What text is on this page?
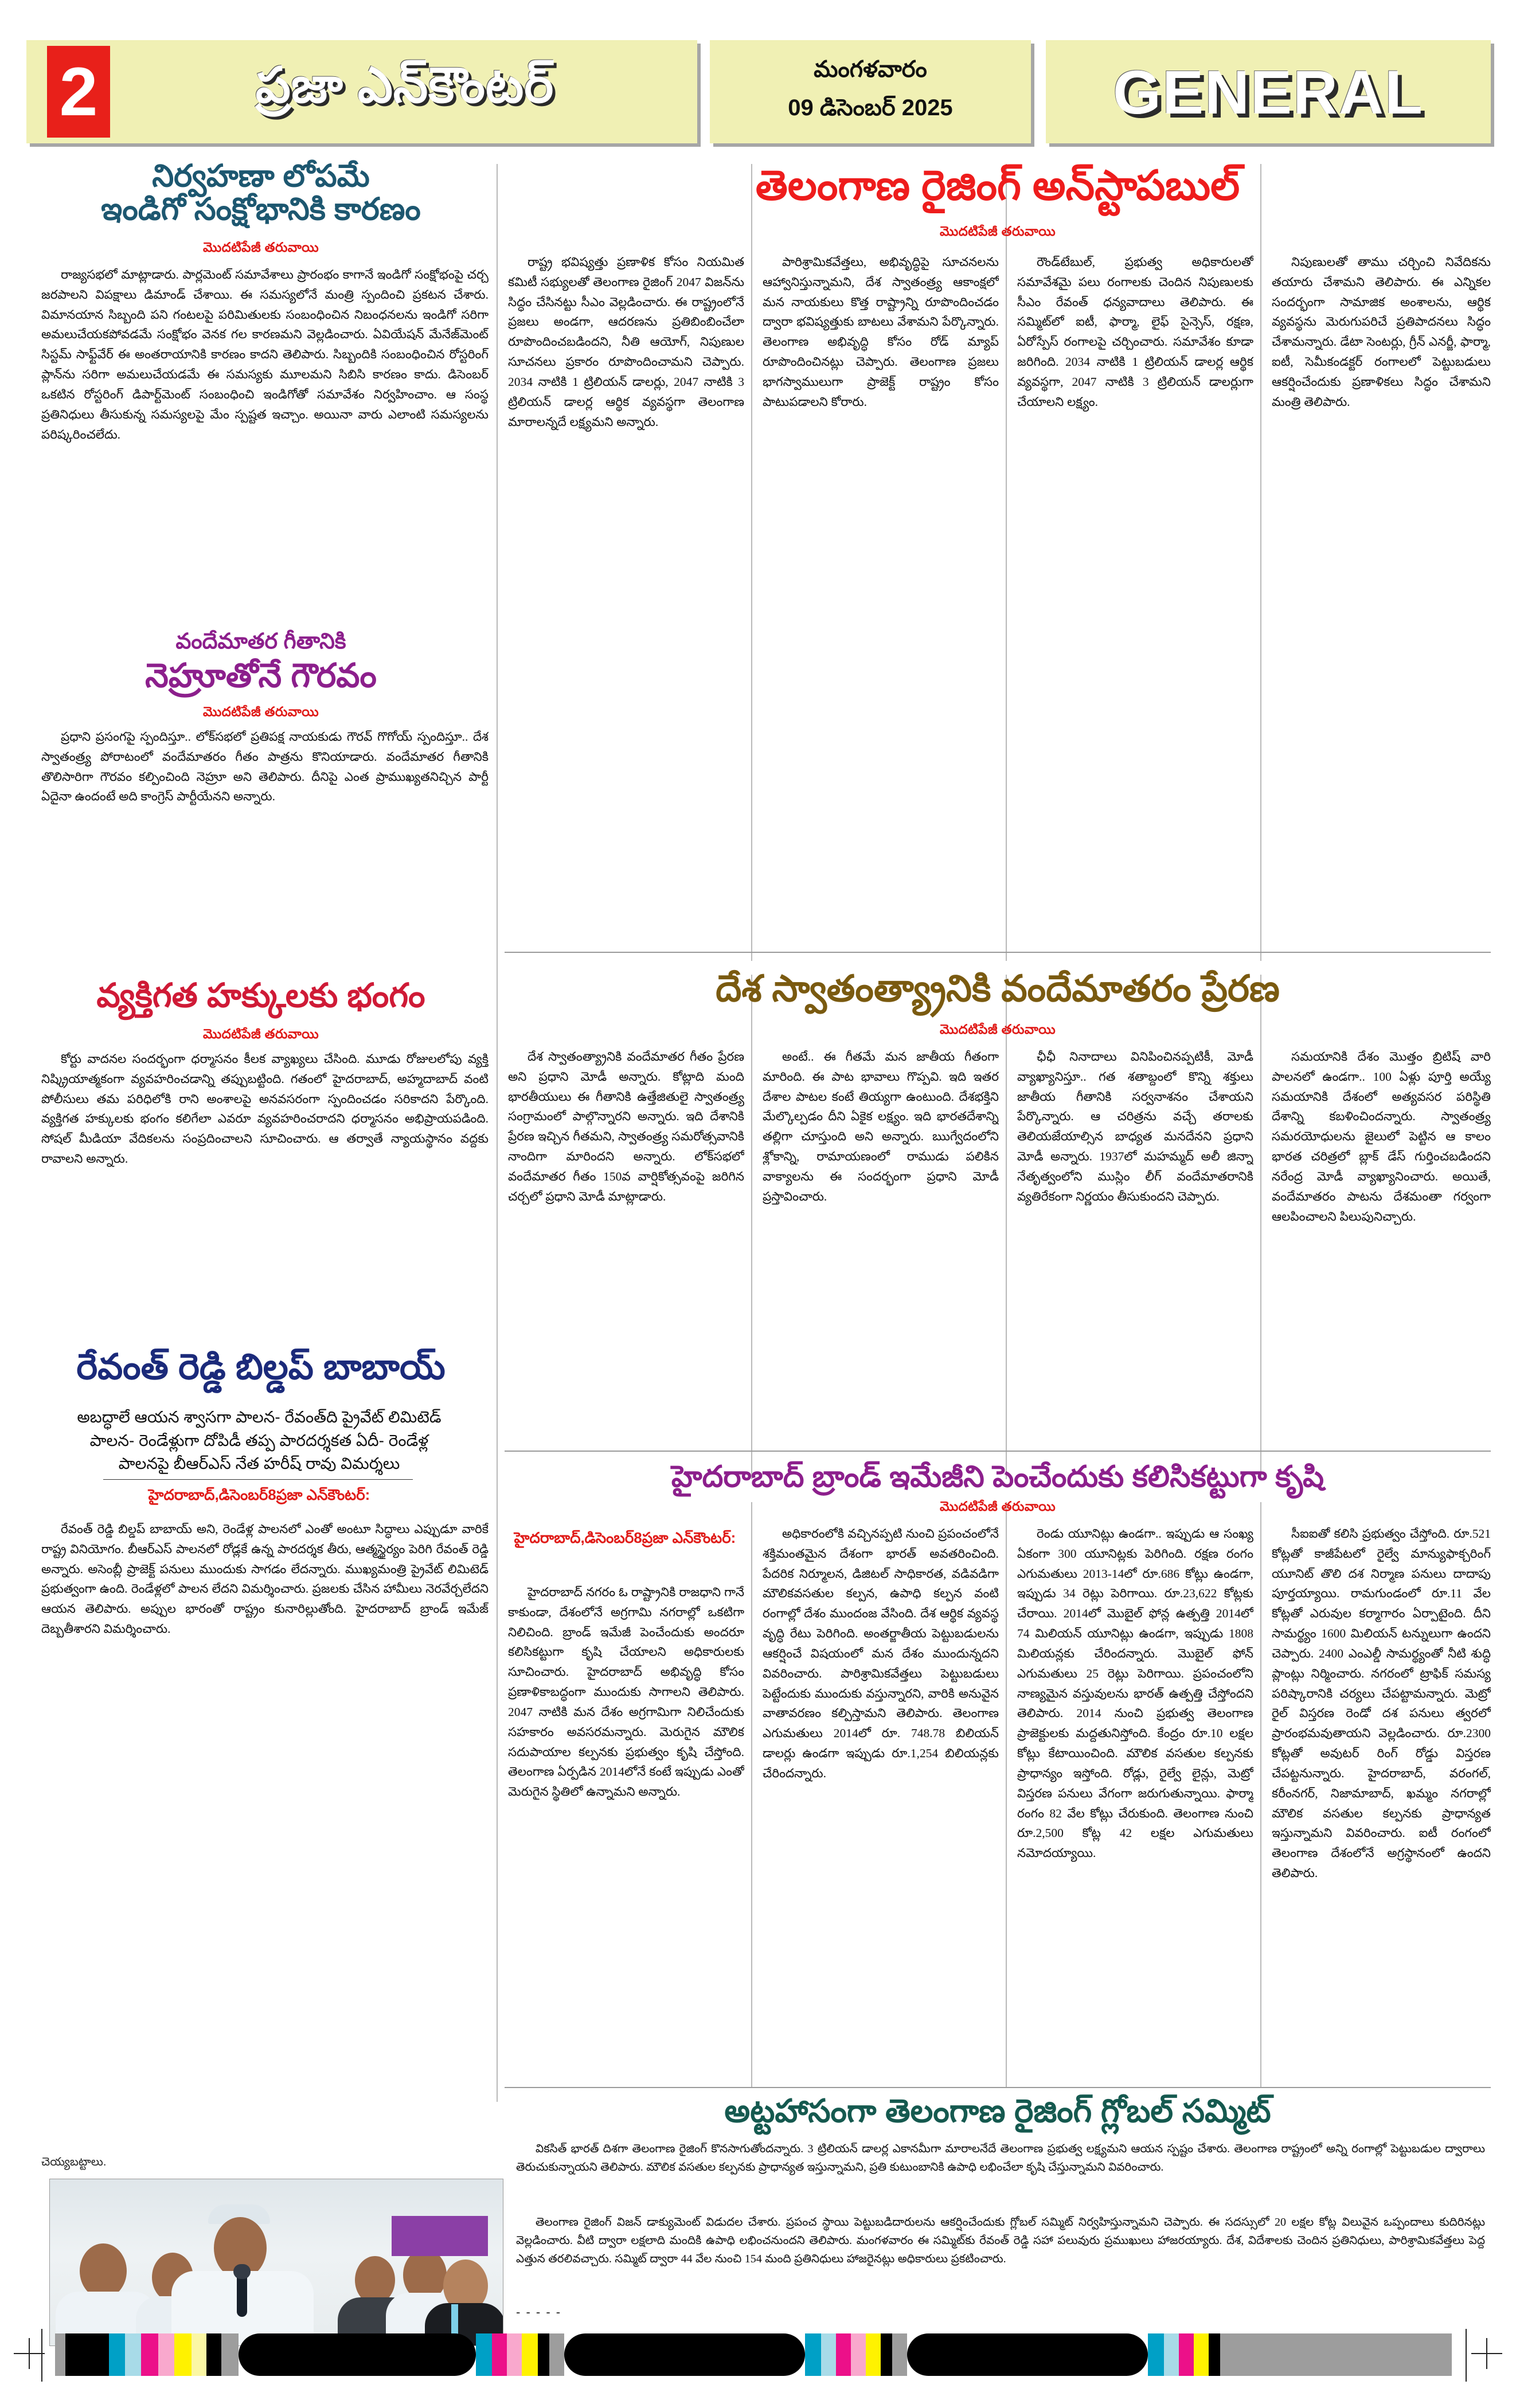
2	ప్రజా ఎన్‌కౌంటర్	మంగళవారం
09 డిసెంబర్ 2025	GENERAL
నిర్వహణా లోపమే
ఇండిగో సంక్షోభానికి కారణం
మొదటిపేజీ తరువాయి

రాజ్యసభలో మాట్లాడారు. పార్లమెంట్ సమావేశాలు ప్రారంభం కాగానే ఇండిగో సంక్షోభంపై చర్చ జరపాలని విపక్షాలు డిమాండ్ చేశాయి. ఈ సమస్యలోనే మంత్రి స్పందించి ప్రకటన చేశారు. విమానయాన సిబ్బంది పని గంటలపై పరిమితులకు సంబంధించిన నిబంధనలను ఇండిగో సరిగా అమలుచేయకపోవడమే సంక్షోభం వెనక గల కారణమని వెల్లడించారు. ఏవియేషన్ మేనేజ్‌మెంట్ సిస్టమ్ సాఫ్ట్‌వేర్ ఈ అంతరాయానికి కారణం కాదని తెలిపారు. సిబ్బందికి సంబంధించిన రోస్టరింగ్ ప్లాన్‌ను సరిగా అమలుచేయడమే ఈ సమస్యకు మూలమని సిబిసి కారణం కాదు. డిసెంబర్ ఒకటిన రోస్టరింగ్ డిపార్ట్‌మెంట్ సంబంధించి ఇండిగోతో సమావేశం నిర్వహించాం. ఆ సంస్థ ప్రతినిధులు తీసుకున్న సమస్యలపై మేం స్పష్టత ఇచ్చాం. అయినా వారు ఎలాంటి సమస్యలను పరిష్కరించలేదు.

వందేమాతర గీతానికి
నెహ్రూతోనే గౌరవం
మొదటిపేజీ తరువాయి

ప్రధాని ప్రసంగపై స్పందిస్తూ.. లోక్‌సభలో ప్రతిపక్ష నాయకుడు గౌరవ్ గొగోయ్ స్పందిస్తూ.. దేశ స్వాతంత్ర్య పోరాటంలో వందేమాతరం గీతం పాత్రను కొనియాడారు. వందేమాతర గీతానికి తొలిసారిగా గౌరవం కల్పించింది నెహ్రూ అని తెలిపారు. దీనిపై ఎంత ప్రాముఖ్యతనిచ్చిన పార్టీ ఏదైనా ఉందంటే అది కాంగ్రెస్ పార్టీయేనని అన్నారు.

వ్యక్తిగత హక్కులకు భంగం
మొదటిపేజీ తరువాయి

కోర్టు వాదనల సందర్భంగా ధర్మాసనం కీలక వ్యాఖ్యలు చేసింది. మూడు రోజులలోపు వ్యక్తి నిష్క్రియాత్మకంగా వ్యవహరించడాన్ని తప్పుబట్టింది. గతంలో హైదరాబాద్, అహ్మదాబాద్ వంటి పోలీసులు తమ పరిధిలోకి రాని అంశాలపై అనవసరంగా స్పందించడం సరికాదని పేర్కొంది. వ్యక్తిగత హక్కులకు భంగం కలిగేలా ఎవరూ వ్యవహరించరాదని ధర్మాసనం అభిప్రాయపడింది. సోషల్ మీడియా వేదికలను సంప్రదించాలని సూచించారు. ఆ తర్వాతే న్యాయస్థానం వద్దకు రావాలని అన్నారు.

రేవంత్ రెడ్డి బిల్డప్ బాబాయ్
అబద్ధాలే ఆయన శ్వాసగా పాలన- రేవంత్‌ది ప్రైవేట్ లిమిటెడ్
పాలన- రెండేళ్లుగా దోపిడీ తప్ప పారదర్శకత ఏదీ- రెండేళ్ల
పాలనపై బీఆర్ఎస్ నేత హరీష్ రావు విమర్శలు
హైదరాబాద్,డిసెంబర్8ప్రజా ఎన్‌కౌంటర్:

రేవంత్ రెడ్డి బిల్డప్ బాబాయ్ అని, రెండేళ్ల పాలనలో ఎంతో అంటూ సిద్ధాలు ఎప్పుడూ వారికే రాష్ట్ర వినియోగం. బీఆర్ఎస్ పాలనలో రోడ్లకే ఉన్న పారదర్శక తీరు, ఆత్మస్థైర్యం పెరిగి రేవంత్ రెడ్డి అన్నారు. అసెంబ్లీ ప్రాజెక్ట్ పనులు ముందుకు సాగడం లేదన్నారు. ముఖ్యమంత్రి ప్రైవేట్ లిమిటెడ్ ప్రభుత్వంగా ఉంది. రెండేళ్లలో పాలన లేదని విమర్శించారు. ప్రజలకు చేసిన హామీలు నెరవేర్చలేదని ఆయన తెలిపారు. అప్పుల భారంతో రాష్ట్రం కునారిల్లుతోంది. హైదరాబాద్ బ్రాండ్ ఇమేజ్ దెబ్బతీశారని విమర్శించారు.

చెయ్యబట్టాలు.
తెలంగాణ రైజింగ్ అన్‌స్టాపబుల్
మొదటిపేజీ తరువాయి

రాష్ట్ర భవిష్యత్తు ప్రణాళిక కోసం నియమిత కమిటీ సభ్యులతో తెలంగాణ రైజింగ్ 2047 విజన్‌ను సిద్ధం చేసినట్టు సీఎం వెల్లడించారు. ఈ రాష్ట్రంలోనే ప్రజలు అండగా, ఆదరణను ప్రతిబింబించేలా రూపొందించబడిందని, నీతి ఆయోగ్, నిపుణుల సూచనలు ప్రకారం రూపొందించామని చెప్పారు. 2034 నాటికి 1 ట్రిలియన్ డాలర్లు, 2047 నాటికి 3 ట్రిలియన్ డాలర్ల ఆర్థిక వ్యవస్థగా తెలంగాణ మారాలన్నదే లక్ష్యమని అన్నారు.

పారిశ్రామికవేత్తలు, అభివృద్ధిపై సూచనలను ఆహ్వానిస్తున్నామని, దేశ స్వాతంత్ర్య ఆకాంక్షలో మన నాయకులు కొత్త రాష్ట్రాన్ని రూపొందించడం ద్వారా భవిష్యత్తుకు బాటలు వేశామని పేర్కొన్నారు. తెలంగాణ అభివృద్ధి కోసం రోడ్ మ్యాప్ రూపొందించినట్లు చెప్పారు. తెలంగాణ ప్రజలు భాగస్వాములుగా ప్రాజెక్ట్ రాష్ట్రం కోసం పాటుపడాలని కోరారు.

రౌండ్‌టేబుల్, ప్రభుత్వ అధికారులతో సమావేశమై పలు రంగాలకు చెందిన నిపుణులకు సీఎం రేవంత్ ధన్యవాదాలు తెలిపారు. ఈ సమ్మిట్‌లో ఐటీ, ఫార్మా, లైఫ్ సైన్సెస్, రక్షణ, ఏరోస్పేస్ రంగాలపై చర్చించారు. సమావేశం కూడా జరిగింది. 2034 నాటికి 1 ట్రిలియన్ డాలర్ల ఆర్థిక వ్యవస్థగా, 2047 నాటికి 3 ట్రిలియన్ డాలర్లుగా చేయాలని లక్ష్యం.

నిపుణులతో తాము చర్చించి నివేదికను తయారు చేశామని తెలిపారు. ఈ ఎన్నికల సందర్భంగా సామాజిక అంశాలను, ఆర్థిక వ్యవస్థను మెరుగుపరిచే ప్రతిపాదనలు సిద్ధం చేశామన్నారు. డేటా సెంటర్లు, గ్రీన్ ఎనర్జీ, ఫార్మా, ఐటీ, సెమీకండక్టర్ రంగాలలో పెట్టుబడులు ఆకర్షించేందుకు ప్రణాళికలు సిద్ధం చేశామని మంత్రి తెలిపారు.

దేశ స్వాతంత్య్రానికి వందేమాతరం ప్రేరణ
మొదటిపేజీ తరువాయి

దేశ స్వాతంత్య్రానికి వందేమాతర గీతం ప్రేరణ అని ప్రధాని మోడీ అన్నారు. కోట్లాది మంది భారతీయులు ఈ గీతానికి ఉత్తేజితులై స్వాతంత్ర్య సంగ్రామంలో పాల్గొన్నారని అన్నారు. ఇది దేశానికి ప్రేరణ ఇచ్చిన గీతమని, స్వాతంత్ర్య సమరోత్సవానికి నాందిగా మారిందని అన్నారు. లోక్‌సభలో వందేమాతర గీతం 150వ వార్షికోత్సవంపై జరిగిన చర్చలో ప్రధాని మోడీ మాట్లాడారు.

అంటే.. ఈ గీతమే మన జాతీయ గీతంగా మారింది. ఈ పాట భావాలు గొప్పవి. ఇది ఇతర దేశాల పాటల కంటే తియ్యగా ఉంటుంది. దేశభక్తిని మేల్కొల్పడం దీని ఏకైక లక్ష్యం. ఇది భారతదేశాన్ని తల్లిగా చూస్తుంది అని అన్నారు. ఋగ్వేదంలోని శ్లోకాన్ని, రామాయణంలో రాముడు పలికిన వాక్యాలను ఈ సందర్భంగా ప్రధాని మోడీ ప్రస్తావించారు.

ఛీఛీ నినాదాలు వినిపించినప్పటికీ, మోడీ వ్యాఖ్యానిస్తూ.. గత శతాబ్దంలో కొన్ని శక్తులు జాతీయ గీతానికి సర్వనాశనం చేశాయని పేర్కొన్నారు. ఆ చరిత్రను వచ్చే తరాలకు తెలియజేయాల్సిన బాధ్యత మనదేనని ప్రధాని మోడీ అన్నారు. 1937లో మహమ్మద్ అలీ జిన్నా నేతృత్వంలోని ముస్లిం లీగ్ వందేమాతరానికి వ్యతిరేకంగా నిర్ణయం తీసుకుందని చెప్పారు.

సమయానికి దేశం మొత్తం బ్రిటిష్ వారి పాలనలో ఉండగా.. 100 ఏళ్లు పూర్తి అయ్యే సమయానికి దేశంలో అత్యవసర పరిస్థితి దేశాన్ని కబళించిందన్నారు. స్వాతంత్ర్య సమరయోధులను జైలులో పెట్టిన ఆ కాలం భారత చరిత్రలో బ్లాక్ డేస్ గుర్తించబడిందని నరేంద్ర మోడీ వ్యాఖ్యానించారు. అయితే, వందేమాతరం పాటను దేశమంతా గర్వంగా ఆలపించాలని పిలుపునిచ్చారు.

హైదరాబాద్ బ్రాండ్ ఇమేజీని పెంచేందుకు కలిసికట్టుగా కృషి
మొదటిపేజీ తరువాయి
హైదరాబాద్,డిసెంబర్8ప్రజా ఎన్‌కౌంటర్:

హైదరాబాద్ నగరం ఓ రాష్ట్రానికి రాజధాని గానే కాకుండా, దేశంలోనే అగ్రగామి నగరాల్లో ఒకటిగా నిలిచింది. బ్రాండ్ ఇమేజీ పెంచేందుకు అందరూ కలిసికట్టుగా కృషి చేయాలని అధికారులకు సూచించారు. హైదరాబాద్ అభివృద్ధి కోసం ప్రణాళికాబద్ధంగా ముందుకు సాగాలని తెలిపారు. 2047 నాటికి మన దేశం అగ్రగామిగా నిలిచేందుకు సహకారం అవసరమన్నారు. మెరుగైన మౌలిక సదుపాయాల కల్పనకు ప్రభుత్వం కృషి చేస్తోంది. తెలంగాణ ఏర్పడిన 2014లోనే కంటే ఇప్పుడు ఎంతో మెరుగైన స్థితిలో ఉన్నామని అన్నారు.

అధికారంలోకి వచ్చినప్పటి నుంచి ప్రపంచంలోనే శక్తిమంతమైన దేశంగా భారత్ అవతరించింది. పేదరిక నిర్మూలన, డిజిటల్ సాధికారత, వడివడిగా మౌలికవసతుల కల్పన, ఉపాధి కల్పన వంటి రంగాల్లో దేశం ముందంజ వేసింది. దేశ ఆర్థిక వ్యవస్థ వృద్ధి రేటు పెరిగింది. అంతర్జాతీయ పెట్టుబడులను ఆకర్షించే విషయంలో మన దేశం ముందున్నదని వివరించారు. పారిశ్రామికవేత్తలు పెట్టుబడులు పెట్టేందుకు ముందుకు వస్తున్నారని, వారికి అనువైన వాతావరణం కల్పిస్తామని తెలిపారు. తెలంగాణ ఎగుమతులు 2014లో రూ. 748.78 బిలియన్ డాలర్లు ఉండగా ఇప్పుడు రూ.1,254 బిలియన్లకు చేరిందన్నారు.

రెండు యూనిట్లు ఉండగా.. ఇప్పుడు ఆ సంఖ్య ఏకంగా 300 యూనిట్లకు పెరిగింది. రక్షణ రంగం ఎగుమతులు 2013-14లో రూ.686 కోట్లు ఉండగా, ఇప్పుడు 34 రెట్లు పెరిగాయి. రూ.23,622 కోట్లకు చేరాయి. 2014లో మొబైల్ ఫోన్ల ఉత్పత్తి 2014లో 74 మిలియన్ యూనిట్లు ఉండగా, ఇప్పుడు 1808 మిలియన్లకు చేరిందన్నారు. మొబైల్ ఫోన్ ఎగుమతులు 25 రెట్లు పెరిగాయి. ప్రపంచంలోని నాణ్యమైన వస్తువులను భారత్ ఉత్పత్తి చేస్తోందని తెలిపారు. 2014 నుంచి ప్రభుత్వ తెలంగాణ ప్రాజెక్టులకు మద్దతునిస్తోంది. కేంద్రం రూ.10 లక్షల కోట్లు కేటాయించింది. మౌలిక వసతుల కల్పనకు ప్రాధాన్యం ఇస్తోంది. రోడ్లు, రైల్వే లైన్లు, మెట్రో విస్తరణ పనులు వేగంగా జరుగుతున్నాయి. ఫార్మా రంగం 82 వేల కోట్లు చేరుకుంది. తెలంగాణ నుంచి రూ.2,500 కోట్ల 42 లక్షల ఎగుమతులు నమోదయ్యాయి.

సీఐఐతో కలిసి ప్రభుత్వం చేస్తోంది. రూ.521 కోట్లతో కాజీపేటలో రైల్వే మాన్యుఫాక్చరింగ్ యూనిట్ తొలి దశ నిర్మాణ పనులు దాదాపు పూర్తయ్యాయి. రామగుండంలో రూ.11 వేల కోట్లతో ఎరువుల కర్మాగారం ఏర్పాటైంది. దీని సామర్థ్యం 1600 మిలియన్ టన్నులుగా ఉందని చెప్పారు. 2400 ఎంఎల్డీ సామర్థ్యంతో నీటి శుద్ధి ప్లాంట్లు నిర్మించారు. నగరంలో ట్రాఫిక్ సమస్య పరిష్కారానికి చర్యలు చేపట్టామన్నారు. మెట్రో రైల్ విస్తరణ రెండో దశ పనులు త్వరలో ప్రారంభమవుతాయని వెల్లడించారు. రూ.2300 కోట్లతో అవుటర్ రింగ్ రోడ్డు విస్తరణ చేపట్టనున్నారు. హైదరాబాద్, వరంగల్, కరీంనగర్, నిజామాబాద్, ఖమ్మం నగరాల్లో మౌలిక వసతుల కల్పనకు ప్రాధాన్యత ఇస్తున్నామని వివరించారు. ఐటీ రంగంలో తెలంగాణ దేశంలోనే అగ్రస్థానంలో ఉందని తెలిపారు.

అట్టహాసంగా తెలంగాణ రైజింగ్ గ్లోబల్ సమ్మిట్

వికసిత్ భారత్ దిశగా తెలంగాణ రైజింగ్ కొనసాగుతోందన్నారు. 3 ట్రిలియన్ డాలర్ల ఎకానమీగా మారాలనేదే తెలంగాణ ప్రభుత్వ లక్ష్యమని ఆయన స్పష్టం చేశారు. తెలంగాణ రాష్ట్రంలో అన్ని రంగాల్లో పెట్టుబడుల ద్వారాలు తెరుచుకున్నాయని తెలిపారు. మౌలిక వసతుల కల్పనకు ప్రాధాన్యత ఇస్తున్నామని, ప్రతి కుటుంబానికి ఉపాధి లభించేలా కృషి చేస్తున్నామని వివరించారు.

తెలంగాణ రైజింగ్ విజన్ డాక్యుమెంట్ విడుదల చేశారు. ప్రపంచ స్థాయి పెట్టుబడిదారులను ఆకర్షించేందుకు గ్లోబల్ సమ్మిట్ నిర్వహిస్తున్నామని చెప్పారు. ఈ సదస్సులో 20 లక్షల కోట్ల విలువైన ఒప్పందాలు కుదిరినట్లు వెల్లడించారు. వీటి ద్వారా లక్షలాది మందికి ఉపాధి లభించనుందని తెలిపారు. మంగళవారం ఈ సమ్మిట్‌కు రేవంత్ రెడ్డి సహా పలువురు ప్రముఖులు హాజరయ్యారు. దేశ, విదేశాలకు చెందిన ప్రతినిధులు, పారిశ్రామికవేత్తలు పెద్ద ఎత్తున తరలివచ్చారు. సమ్మిట్ ద్వారా 44 వేల నుంచి 154 మంది ప్రతినిధులు హాజరైనట్లు అధికారులు ప్రకటించారు.

- - - - -
